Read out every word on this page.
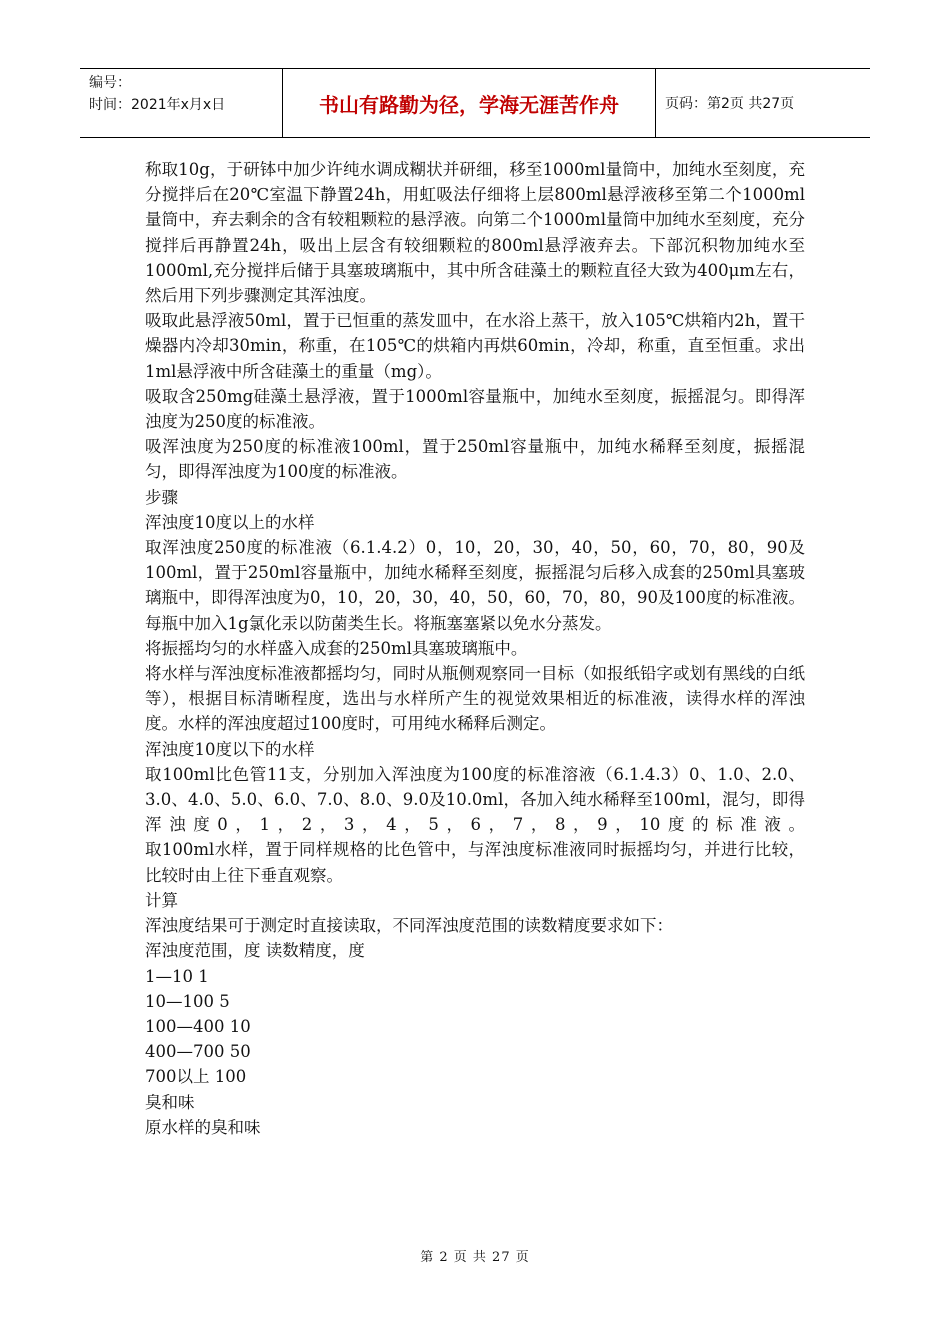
编号：
时间：2021年x月x日	书山有路勤为径，学海无涯苦作舟	页码：第2页 共27页

称取10g，于研钵中加少许纯水调成糊状并研细，移至1000ml量筒中，加纯水至刻度，充分搅拌后在20℃室温下静置24h，用虹吸法仔细将上层800ml悬浮液移至第二个1000ml量筒中，弃去剩余的含有较粗颗粒的悬浮液。向第二个1000ml量筒中加纯水至刻度，充分搅拌后再静置24h，吸出上层含有较细颗粒的800ml悬浮液弃去。下部沉积物加纯水至1000ml,充分搅拌后储于具塞玻璃瓶中，其中所含硅藻土的颗粒直径大致为400μm左右，然后用下列步骤测定其浑浊度。

吸取此悬浮液50ml，置于已恒重的蒸发皿中，在水浴上蒸干，放入105℃烘箱内2h，置干燥器内冷却30min，称重，在105℃的烘箱内再烘60min，冷却，称重，直至恒重。求出1ml悬浮液中所含硅藻土的重量（mg）。

吸取含250mg硅藻土悬浮液，置于1000ml容量瓶中，加纯水至刻度，振摇混匀。即得浑浊度为250度的标准液。

吸浑浊度为250度的标准液100ml，置于250ml容量瓶中，加纯水稀释至刻度，振摇混匀，即得浑浊度为100度的标准液。

步骤

浑浊度10度以上的水样

取浑浊度250度的标准液（6.1.4.2）0，10，20，30，40，50，60，70，80，90及100ml，置于250ml容量瓶中，加纯水稀释至刻度，振摇混匀后移入成套的250ml具塞玻璃瓶中，即得浑浊度为0，10，20，30，40，50，60，70，80，90及100度的标准液。每瓶中加入1g氯化汞以防菌类生长。将瓶塞塞紧以免水分蒸发。

将振摇均匀的水样盛入成套的250ml具塞玻璃瓶中。

将水样与浑浊度标准液都摇均匀，同时从瓶侧观察同一目标（如报纸铅字或划有黑线的白纸等），根据目标清晰程度，选出与水样所产生的视觉效果相近的标准液，读得水样的浑浊度。水样的浑浊度超过100度时，可用纯水稀释后测定。

浑浊度10度以下的水样

取100ml比色管11支，分别加入浑浊度为100度的标准溶液（6.1.4.3）0、1.0、2.0、3.0、4.0、5.0、6.0、7.0、8.0、9.0及10.0ml，各加入纯水稀释至100ml，混匀，即得浑浊度0，1，2，3，4，5，6，7，8，9，10度的标准液。

取100ml水样，置于同样规格的比色管中，与浑浊度标准液同时振摇均匀，并进行比较，比较时由上往下垂直观察。

计算

浑浊度结果可于测定时直接读取，不同浑浊度范围的读数精度要求如下：

浑浊度范围，度 读数精度，度

1—10 1

10—100 5

100—400 10

400—700 50

700以上 100

臭和味

原水样的臭和味

第 2 页 共 27 页
